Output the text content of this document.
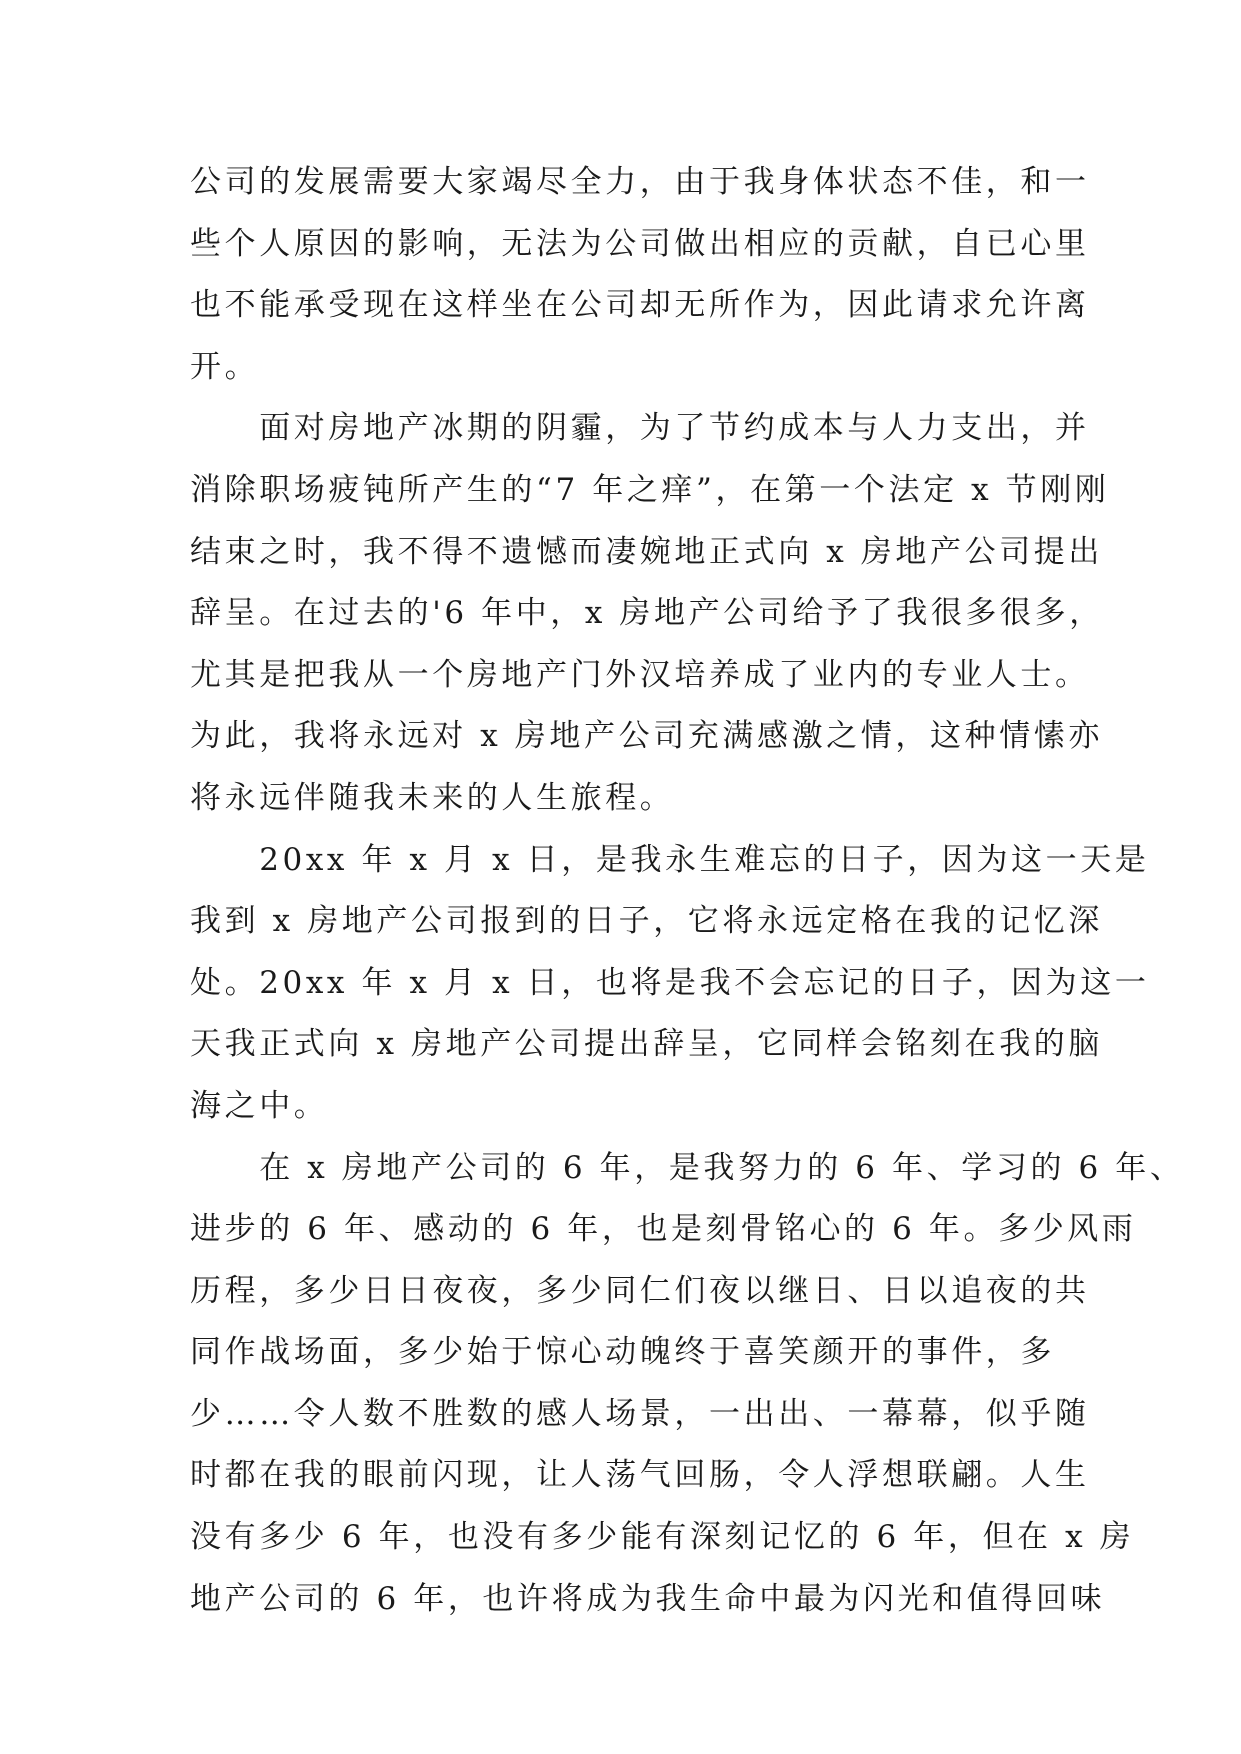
公司的发展需要大家竭尽全力，由于我身体状态不佳，和一
些个人原因的影响，无法为公司做出相应的贡献，自已心里
也不能承受现在这样坐在公司却无所作为，因此请求允许离
开。
　　面对房地产冰期的阴霾，为了节约成本与人力支出，并
消除职场疲钝所产生的“7 年之痒”，在第一个法定 x 节刚刚
结束之时，我不得不遗憾而凄婉地正式向 x 房地产公司提出
辞呈。在过去的'6 年中，x 房地产公司给予了我很多很多，
尤其是把我从一个房地产门外汉培养成了业内的专业人士。
为此，我将永远对 x 房地产公司充满感激之情，这种情愫亦
将永远伴随我未来的人生旅程。
　　20xx 年 x 月 x 日，是我永生难忘的日子，因为这一天是
我到 x 房地产公司报到的日子，它将永远定格在我的记忆深
处。20xx 年 x 月 x 日，也将是我不会忘记的日子，因为这一
天我正式向 x 房地产公司提出辞呈，它同样会铭刻在我的脑
海之中。
　　在 x 房地产公司的 6 年，是我努力的 6 年、学习的 6 年、
进步的 6 年、感动的 6 年，也是刻骨铭心的 6 年。多少风雨
历程，多少日日夜夜，多少同仁们夜以继日、日以追夜的共
同作战场面，多少始于惊心动魄终于喜笑颜开的事件，多
少……令人数不胜数的感人场景，一出出、一幕幕，似乎随
时都在我的眼前闪现，让人荡气回肠，令人浮想联翩。人生
没有多少 6 年，也没有多少能有深刻记忆的 6 年，但在 x 房
地产公司的 6 年，也许将成为我生命中最为闪光和值得回味
